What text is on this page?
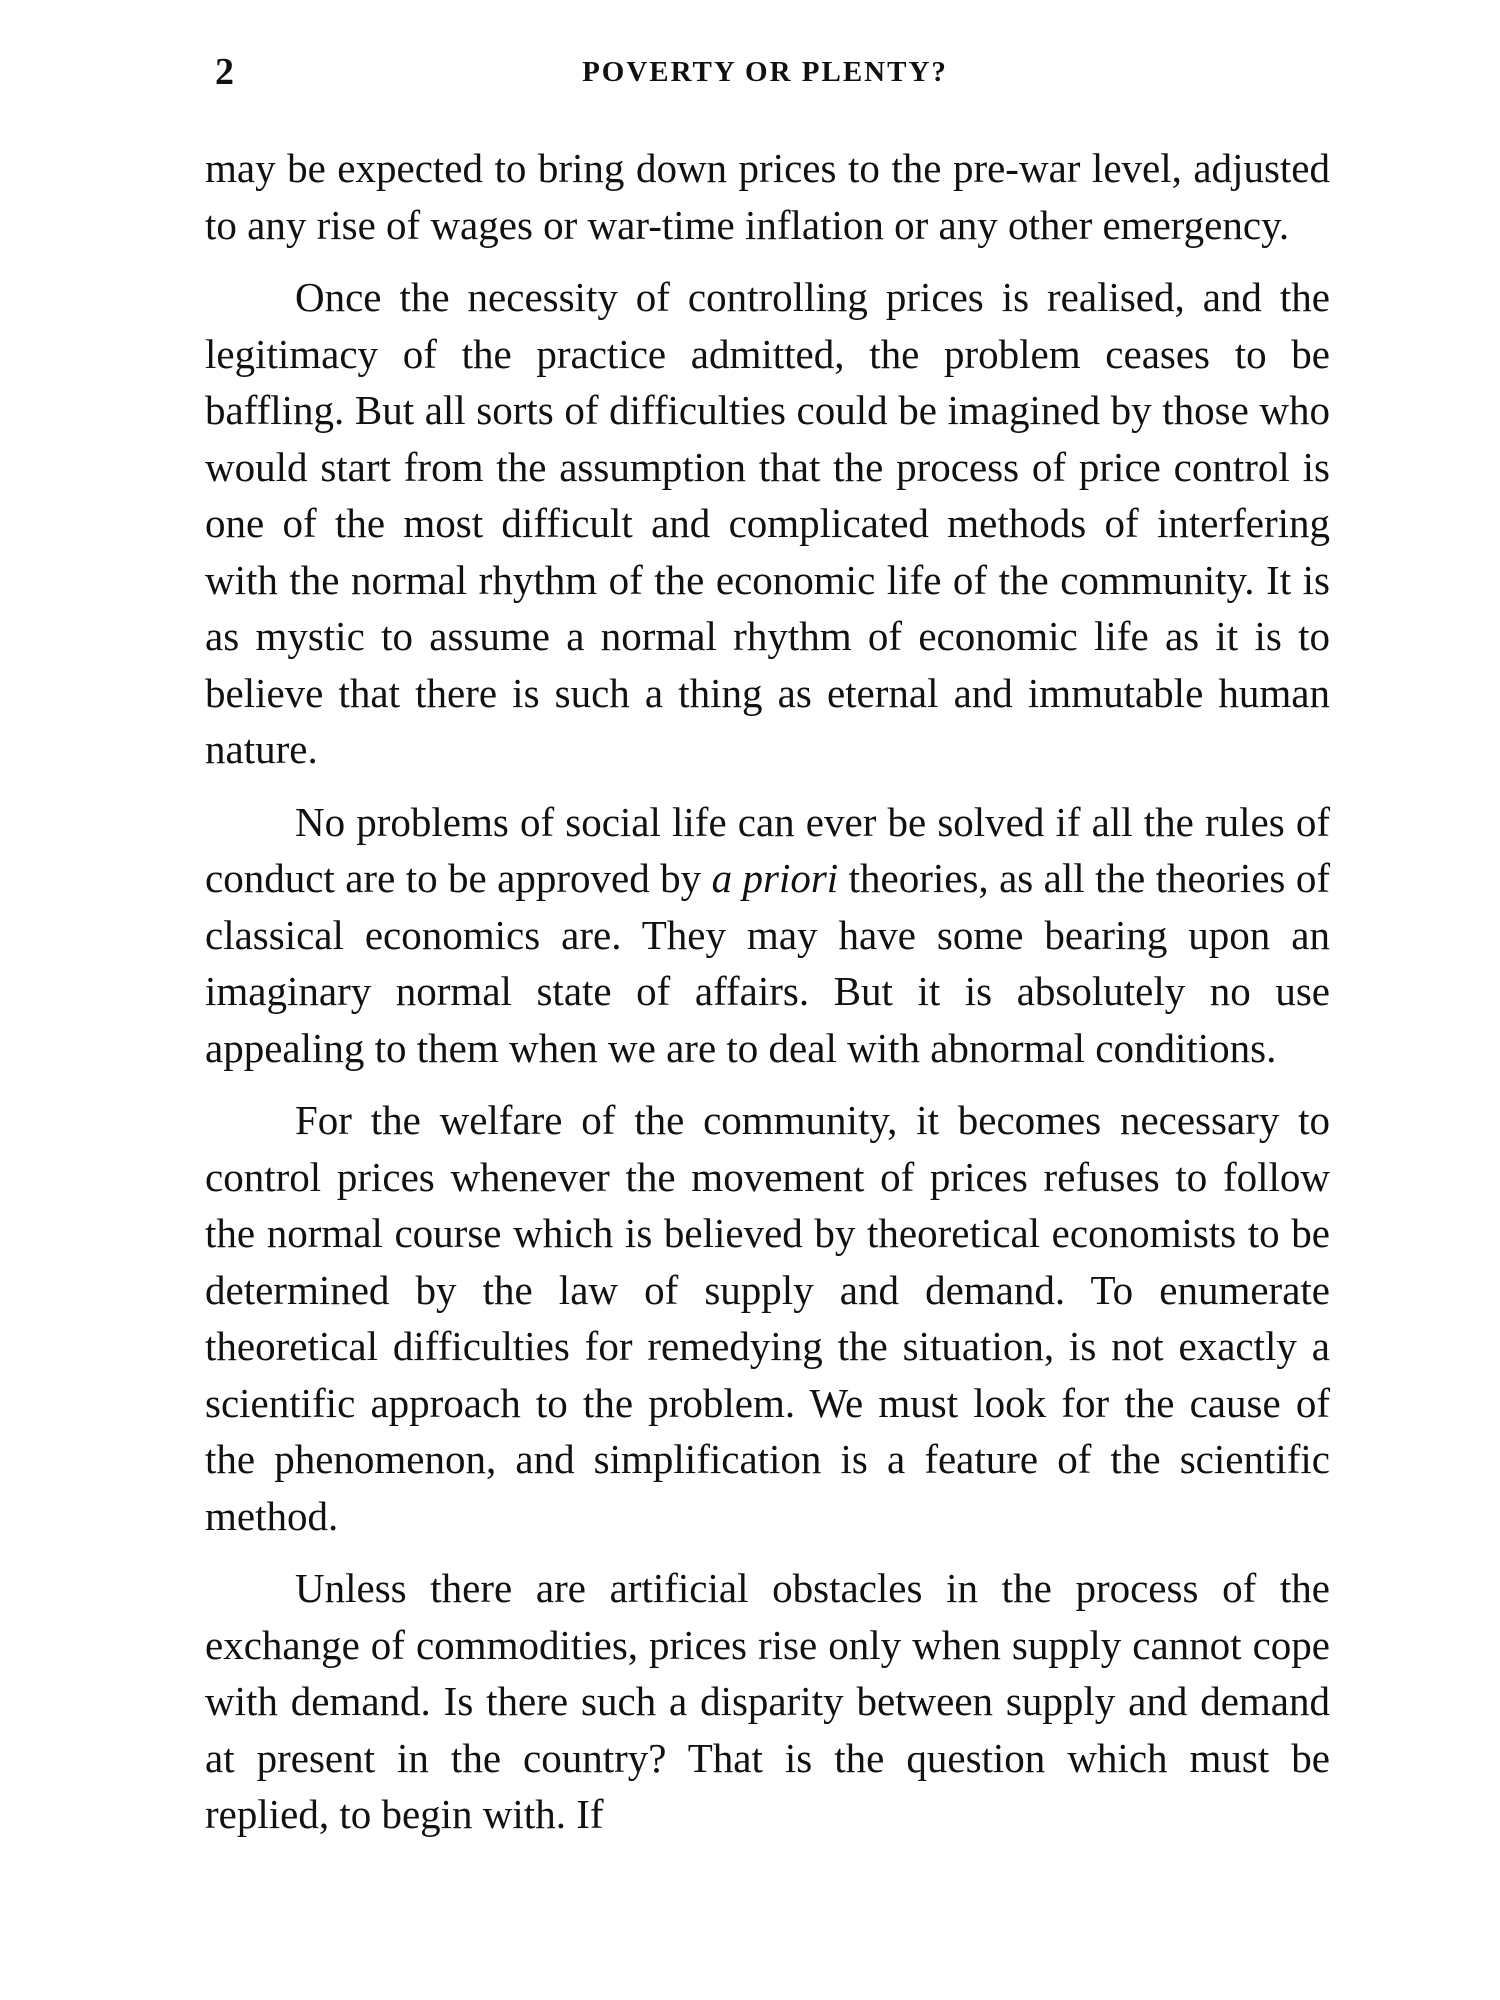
2	POVERTY OR PLENTY?

may be expected to bring down prices to the pre-war level, adjusted to any rise of wages or war-time inflation or any other emergency.

Once the necessity of controlling prices is realised, and the legitimacy of the practice admitted, the problem ceases to be baffling. But all sorts of difficulties could be imagined by those who would start from the assumption that the process of price control is one of the most difficult and complicated methods of interfering with the normal rhythm of the economic life of the community. It is as mystic to assume a normal rhythm of economic life as it is to believe that there is such a thing as eternal and immutable human nature.

No problems of social life can ever be solved if all the rules of conduct are to be approved by a priori theories, as all the theories of classical economics are. They may have some bearing upon an imaginary normal state of affairs. But it is absolutely no use appealing to them when we are to deal with abnormal conditions.

For the welfare of the community, it becomes necessary to control prices whenever the movement of prices refuses to follow the normal course which is believed by theoretical economists to be determined by the law of supply and demand. To enumerate theoretical difficulties for remedying the situation, is not exactly a scientific approach to the problem. We must look for the cause of the phenomenon, and simplification is a feature of the scientific method.

Unless there are artificial obstacles in the process of the exchange of commodities, prices rise only when supply cannot cope with demand. Is there such a disparity between supply and demand at present in the country? That is the question which must be replied, to begin with. If
